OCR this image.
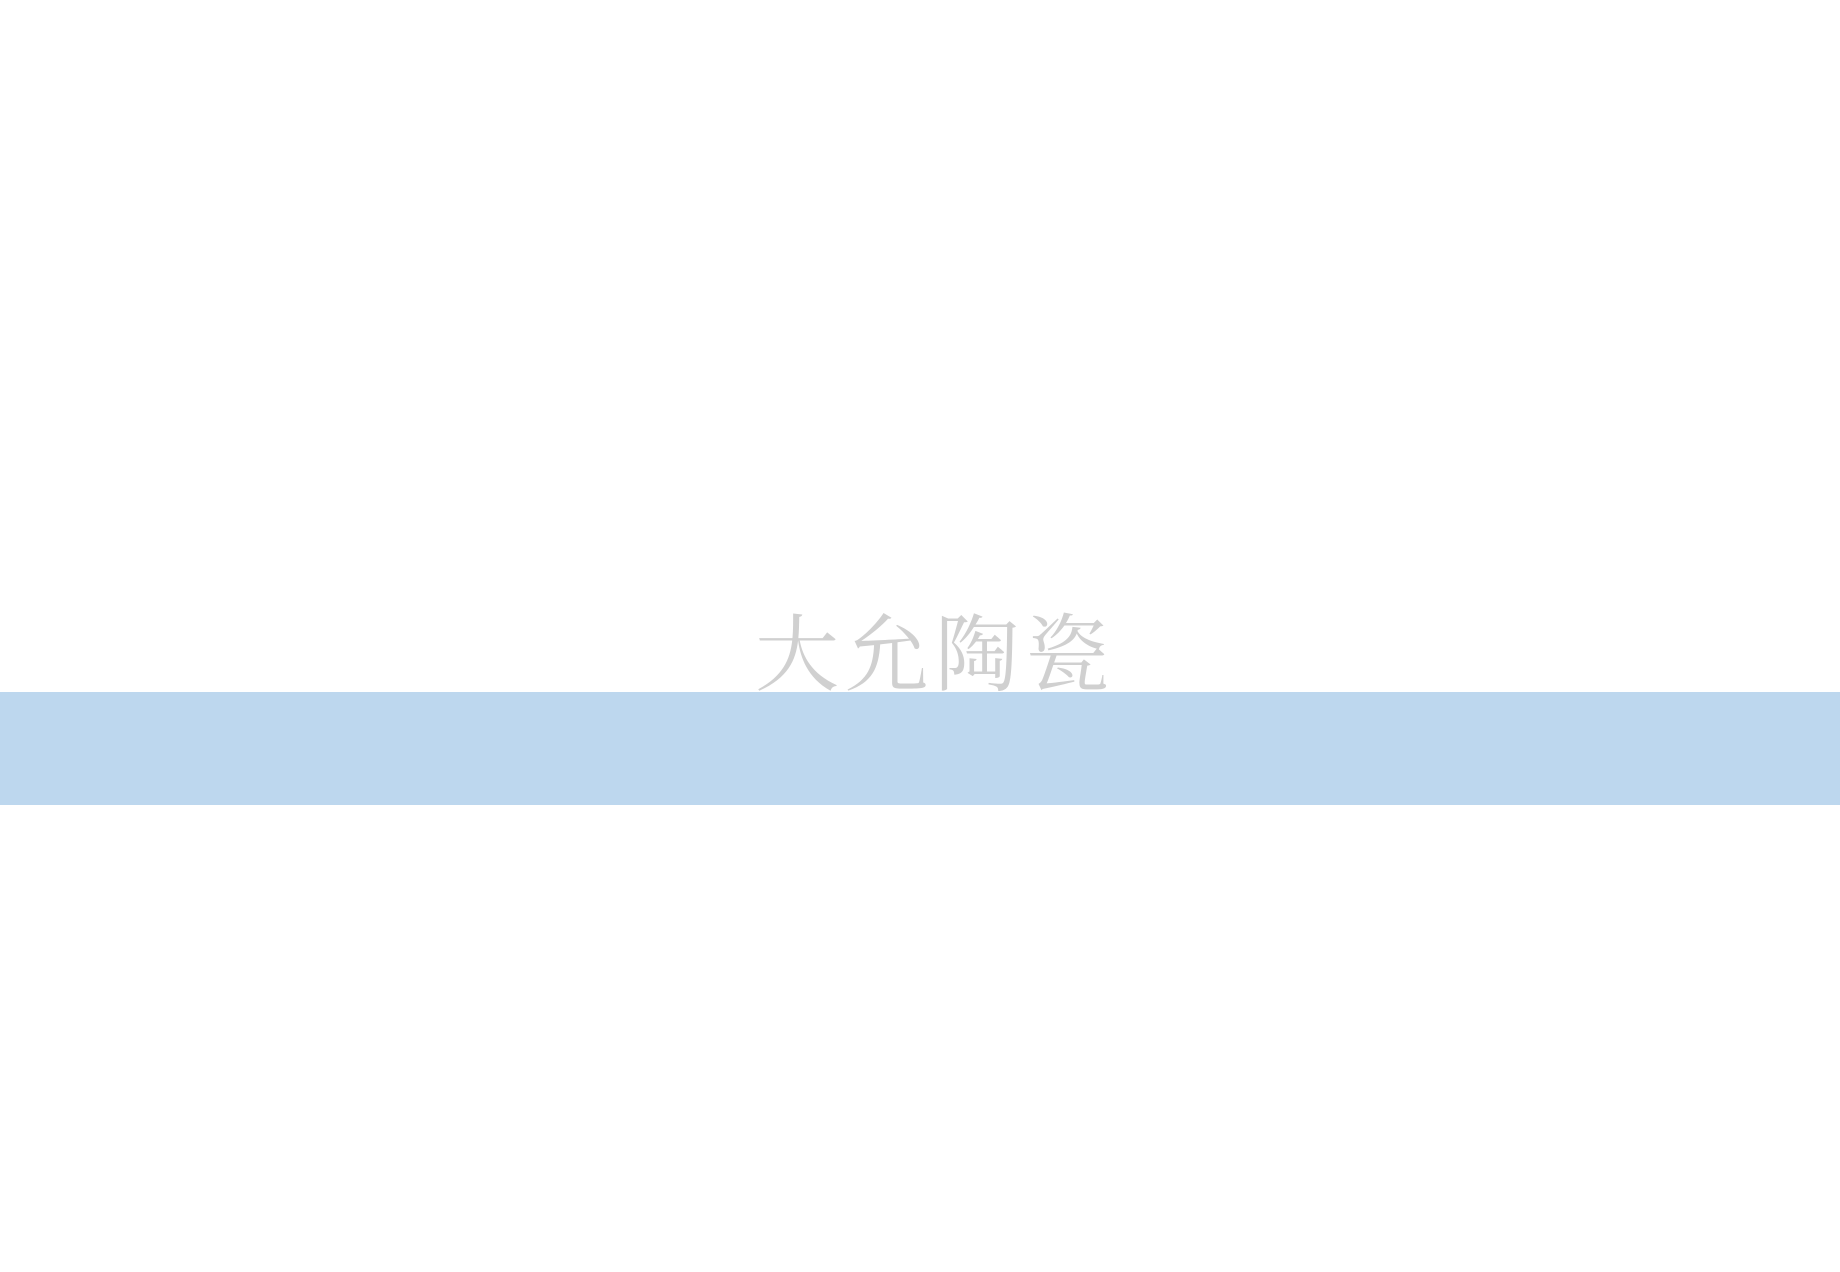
大允陶瓷
